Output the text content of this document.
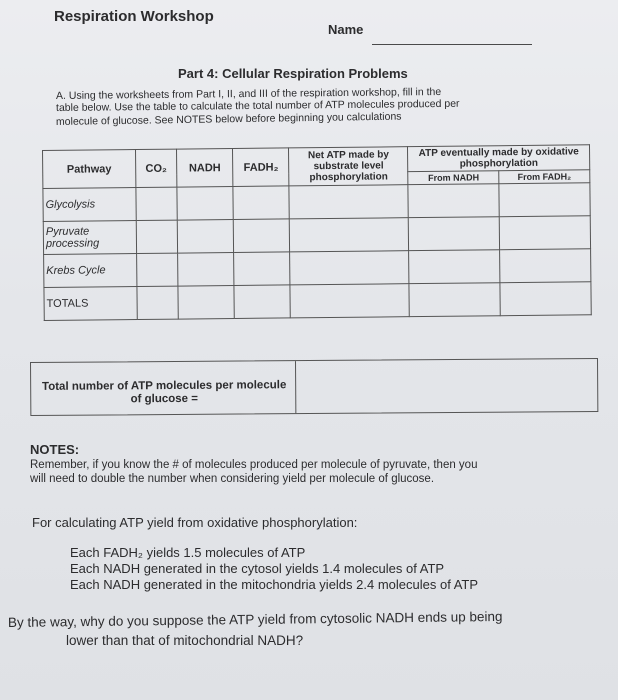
Respiration Workshop
Name
Part 4: Cellular Respiration Problems
A. Using the worksheets from Part I, II, and III of the respiration workshop, fill in the
table below. Use the table to calculate the total number of ATP molecules produced per
molecule of glucose. See NOTES below before beginning you calculations
Pathway	CO₂	NADH	FADH₂	Net ATP made by substrate level phosphorylation	ATP eventually made by oxidative phosphorylation	
					From NADH	From FADH₂
Glycolysis						
Pyruvate processing						
Krebs Cycle						
TOTALS						
Total number of ATP molecules per molecule of glucose =
NOTES:
Remember, if you know the # of molecules produced per molecule of pyruvate, then you
will need to double the number when considering yield per molecule of glucose.
For calculating ATP yield from oxidative phosphorylation:
Each FADH₂ yields 1.5 molecules of ATP
Each NADH generated in the cytosol yields 1.4 molecules of ATP
Each NADH generated in the mitochondria yields 2.4 molecules of ATP
By the way, why do you suppose the ATP yield from cytosolic NADH ends up being
lower than that of mitochondrial NADH?
